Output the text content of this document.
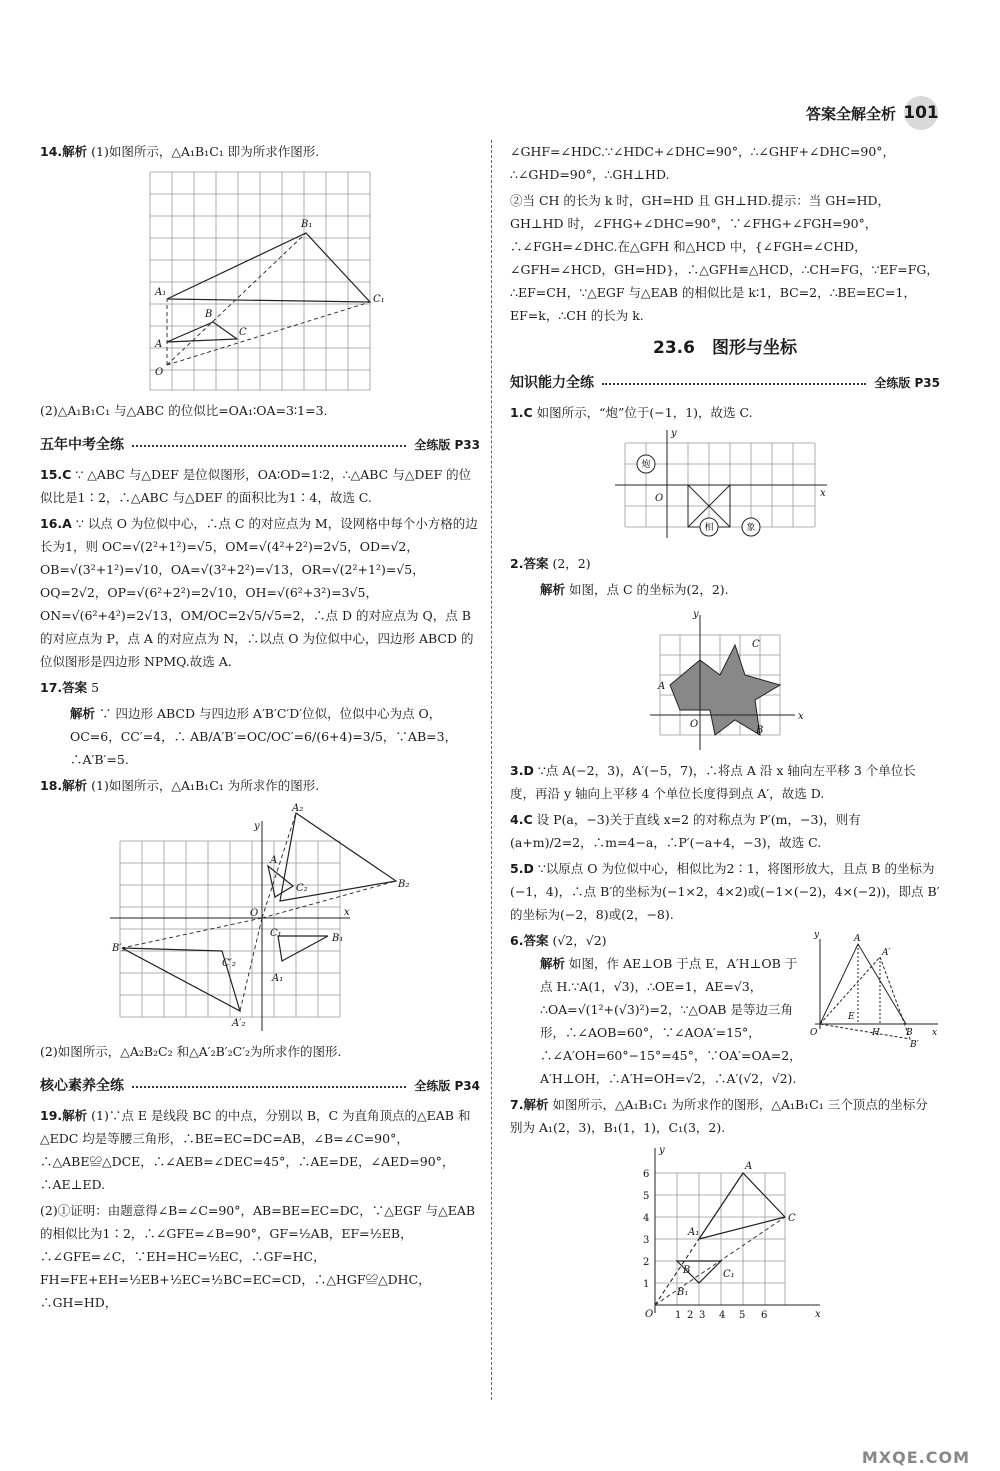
答案全解全析 101
14.解析 (1)如图所示，△A₁B₁C₁ 即为所求作图形.
A₁
B₁
C₁
A
B
C
O
(2)△A₁B₁C₁ 与△ABC 的位似比=OA₁∶OA=3∶1=3.
五年中考全练	全练版 P33
15.C ∵ △ABC 与△DEF 是位似图形，OA∶OD=1∶2，∴△ABC 与△DEF 的位似比是1∶2，∴△ABC 与△DEF 的面积比为1∶4，故选 C.
16.A ∵ 以点 O 为位似中心，∴点 C 的对应点为 M，设网格中每个小方格的边长为1，则 OC=√(2²+1²)=√5，OM=√(4²+2²)=2√5，OD=√2，OB=√(3²+1²)=√10，OA=√(3²+2²)=√13，OR=√(2²+1²)=√5，OQ=2√2，OP=√(6²+2²)=2√10，OH=√(6²+3²)=3√5，ON=√(6²+4²)=2√13，OM/OC=2√5/√5=2，∴点 D 的对应点为 Q，点 B 的对应点为 P，点 A 的对应点为 N，∴以点 O 为位似中心，四边形 ABCD 的位似图形是四边形 NPMQ.故选 A.
17.答案 5
解析 ∵ 四边形 ABCD 与四边形 A′B′C′D′位似，位似中心为点 O，OC=6，CC′=4，∴ AB/A′B′=OC/OC′=6/(6+4)=3/5，∵AB=3，∴A′B′=5.
18.解析 (1)如图所示，△A₁B₁C₁ 为所求作的图形.
A₂
B₂
A
C₂
O
y
x
B′₂
C′₂
A′₂
B₁
C₁
A₁
(2)如图所示，△A₂B₂C₂ 和△A′₂B′₂C′₂为所求作的图形.
核心素养全练	全练版 P34
19.解析 (1)∵点 E 是线段 BC 的中点，分别以 B，C 为直角顶点的△EAB 和△EDC 均是等腰三角形，∴BE=EC=DC=AB，∠B=∠C=90°，∴△ABE≌△DCE，∴∠AEB=∠DEC=45°，∴AE=DE，∠AED=90°，∴AE⊥ED.
(2)①证明：由题意得∠B=∠C=90°，AB=BE=EC=DC，∵△EGF 与△EAB 的相似比为1∶2，∴∠GFE=∠B=90°，GF=½AB，EF=½EB，∴∠GFE=∠C，∵EH=HC=½EC，∴GF=HC，FH=FE+EH=½EB+½EC=½BC=EC=CD，∴△HGF≌△DHC，∴GH=HD，
∠GHF=∠HDC.∵∠HDC+∠DHC=90°，∴∠GHF+∠DHC=90°，∴∠GHD=90°，∴GH⊥HD.
②当 CH 的长为 k 时，GH=HD 且 GH⊥HD.提示：当 GH=HD，GH⊥HD 时，∠FHG+∠DHC=90°，∵∠FHG+∠FGH=90°，∴∠FGH=∠DHC.在△GFH 和△HCD 中，{∠FGH=∠CHD，∠GFH=∠HCD，GH=HD}，∴△GFH≌△HCD，∴CH=FG，∵EF=FG，∴EF=CH，∵△EGF 与△EAB 的相似比是 k∶1，BC=2，∴BE=EC=1，EF=k，∴CH 的长为 k.
23.6　图形与坐标
知识能力全练	全练版 P35
1.C 如图所示，“炮”位于(−1，1)，故选 C.
炮
相	象
O
y
x
2.答案 (2，2)
解析 如图，点 C 的坐标为(2，2).
C
A
B
O
y
x
3.D ∵点 A(−2，3)，A′(−5，7)，∴将点 A 沿 x 轴向左平移 3 个单位长度，再沿 y 轴向上平移 4 个单位长度得到点 A′，故选 D.
4.C 设 P(a，−3)关于直线 x=2 的对称点为 P′(m，−3)，则有(a+m)/2=2，∴m=4−a，∴P′(−a+4，−3)，故选 C.
5.D ∵以原点 O 为位似中心，相似比为2∶1，将图形放大，且点 B 的坐标为(−1，4)，∴点 B′的坐标为(−1×2，4×2)或(−1×(−2)，4×(−2))，即点 B′的坐标为(−2，8)或(2，−8).
6.答案 (√2，√2)
解析 如图，作 AE⊥OB 于点 E，A′H⊥OB 于点 H.∵A(1，√3)，∴OE=1，AE=√3，∴OA=√(1²+(√3)²)=2，∵△OAB 是等边三角形，∴∠AOB=60°，∵∠AOA′=15°，∴∠A′OH=60°−15°=45°，∵OA′=OA=2，A′H⊥OH，∴A′H=OH=√2，∴A′(√2，√2).
A
A′
E
H	B
B′
O
y
x
7.解析 如图所示，△A₁B₁C₁ 为所求作的图形，△A₁B₁C₁ 三个顶点的坐标分别为 A₁(2，3)，B₁(1，1)，C₁(3，2).
A
C
A₁
B
B₁
C₁
O
y
x
1 2 3 4 5 6
1
2
3
4
5
6
MXQE.COM
